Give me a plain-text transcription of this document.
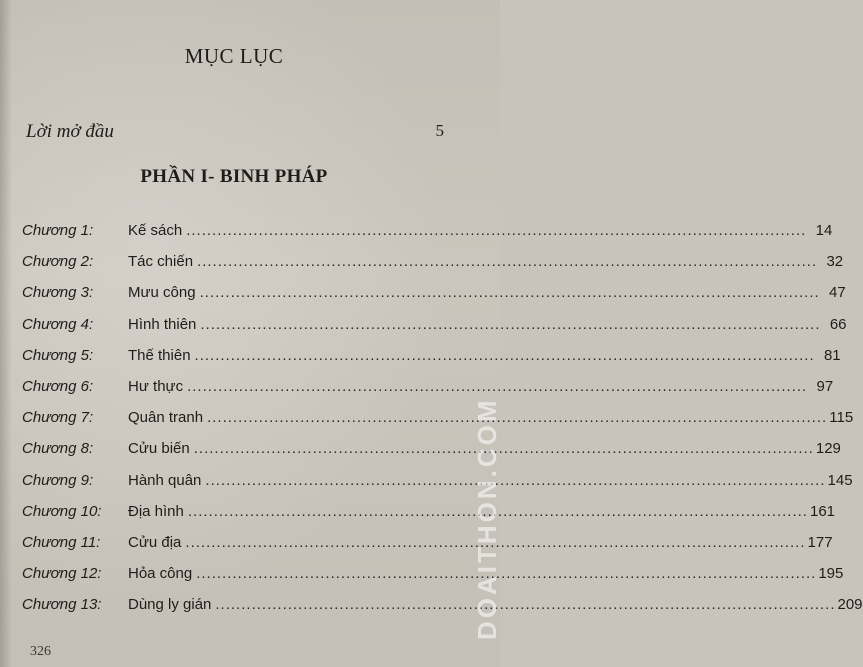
MỤC LỤC
Lời mở đầu	5
PHẦN I- BINH PHÁP
Chương 1:	Kế sách ........................................................................................................................ 14
Chương 2:	Tác chiến ........................................................................................................................ 32
Chương 3:	Mưu công ........................................................................................................................ 47
Chương 4:	Hình thiên ........................................................................................................................ 66
Chương 5:	Thế thiên ........................................................................................................................ 81
Chương 6:	Hư thực ........................................................................................................................ 97
Chương 7:	Quân tranh ........................................................................................................................ 115
Chương 8:	Cửu biến ........................................................................................................................ 129
Chương 9:	Hành quân ........................................................................................................................ 145
Chương 10:	Địa hình ........................................................................................................................ 161
Chương 11:	Cửu địa ........................................................................................................................ 177
Chương 12:	Hỏa công ........................................................................................................................ 195
Chương 13:	Dùng ly gián ........................................................................................................................ 209
326
DOAITHON.COM
